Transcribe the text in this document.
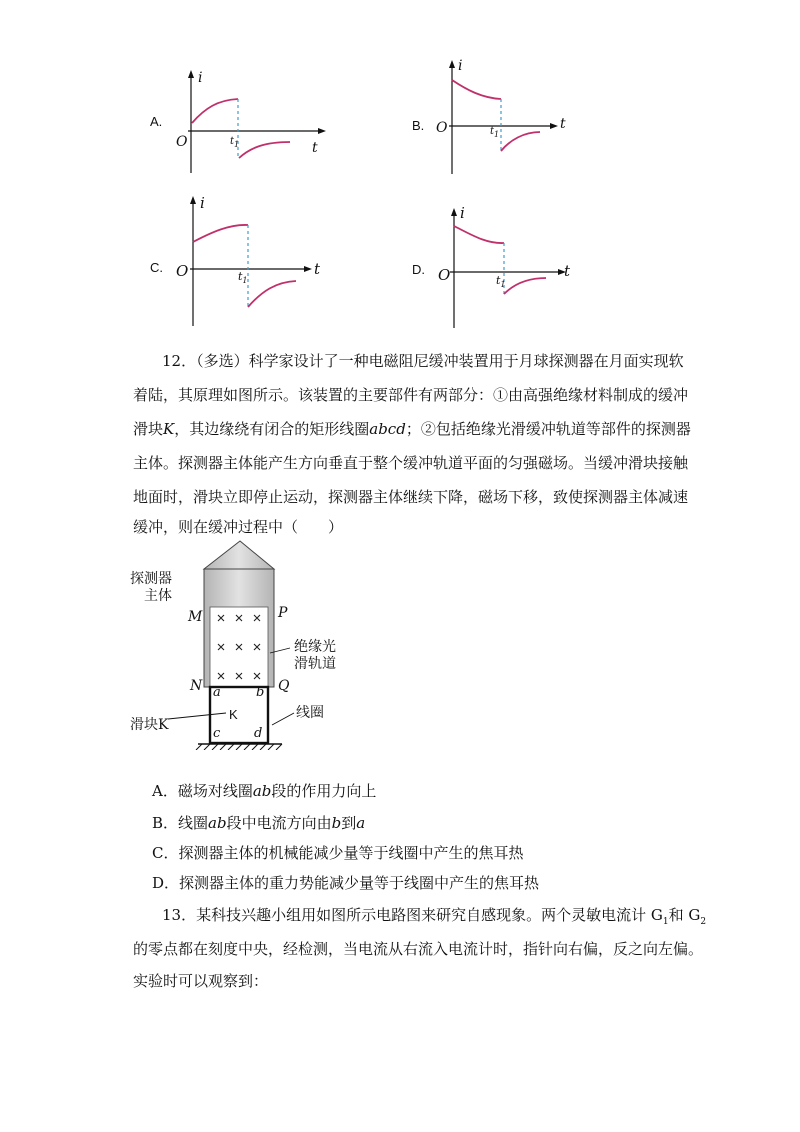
A.
i
O	t
$t_1$
B.
i
O	t
$t_1$
C.
i
O	t
$t_1$
D.
i
O	t
$t_1$
12．（多选）科学家设计了一种电磁阻尼缓冲装置用于月球探测器在月面实现软
着陆，其原理如图所示。该装置的主要部件有两部分：①由高强绝缘材料制成的缓冲
滑块K，其边缘绕有闭合的矩形线圈abcd；②包括绝缘光滑缓冲轨道等部件的探测器
主体。探测器主体能产生方向垂直于整个缓冲轨道平面的匀强磁场。当缓冲滑块接触
地面时，滑块立即停止运动，探测器主体继续下降，磁场下移，致使探测器主体减速
缓冲，则在缓冲过程中（　　）
探测器
主体
M	P
N	Q
a	b
c	d
K
绝缘光
滑轨道
线圈
滑块K
A．磁场对线圈ab段的作用力向上
B．线圈ab段中电流方向由b到a
C．探测器主体的机械能减少量等于线圈中产生的焦耳热
D．探测器主体的重力势能减少量等于线圈中产生的焦耳热
13．某科技兴趣小组用如图所示电路图来研究自感现象。两个灵敏电流计 $G_1$和 $G_2$
的零点都在刻度中央，经检测，当电流从右流入电流计时，指针向右偏，反之向左偏。
实验时可以观察到：
